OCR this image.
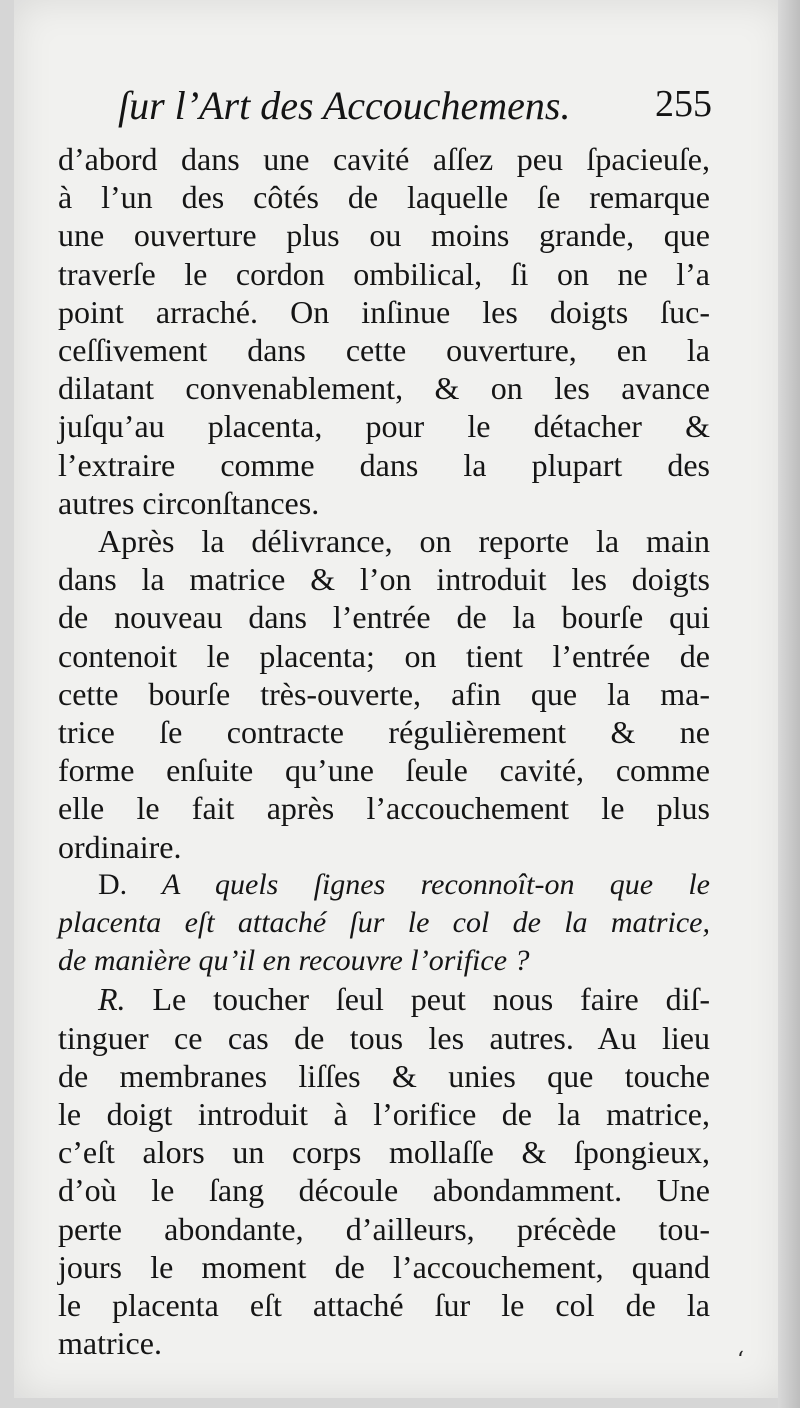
ſur l’Art des Accouchemens. 255
d’abord dans une cavité aſſez peu ſpacieuſe,
à l’un des côtés de laquelle ſe remarque
une ouverture plus ou moins grande, que
traverſe le cordon ombilical, ſi on ne l’a
point arraché. On inſinue les doigts ſuc-
ceſſivement dans cette ouverture, en la
dilatant convenablement, & on les avance
juſqu’au placenta, pour le détacher &
l’extraire comme dans la plupart des
autres circonſtances.
Après la délivrance, on reporte la main
dans la matrice & l’on introduit les doigts
de nouveau dans l’entrée de la bourſe qui
contenoit le placenta; on tient l’entrée de
cette bourſe très-ouverte, afin que la ma-
trice ſe contracte régulièrement & ne
forme enſuite qu’une ſeule cavité, comme
elle le fait après l’accouchement le plus
ordinaire.
D. A quels ſignes reconnoît-on que le
placenta eſt attaché ſur le col de la matrice,
de manière qu’il en recouvre l’orifice ?
R. Le toucher ſeul peut nous faire diſ-
tinguer ce cas de tous les autres. Au lieu
de membranes liſſes & unies que touche
le doigt introduit à l’orifice de la matrice,
c’eſt alors un corps mollaſſe & ſpongieux,
d’où le ſang découle abondamment. Une
perte abondante, d’ailleurs, précède tou-
jours le moment de l’accouchement, quand
le placenta eſt attaché ſur le col de la
matrice.	ʻ
